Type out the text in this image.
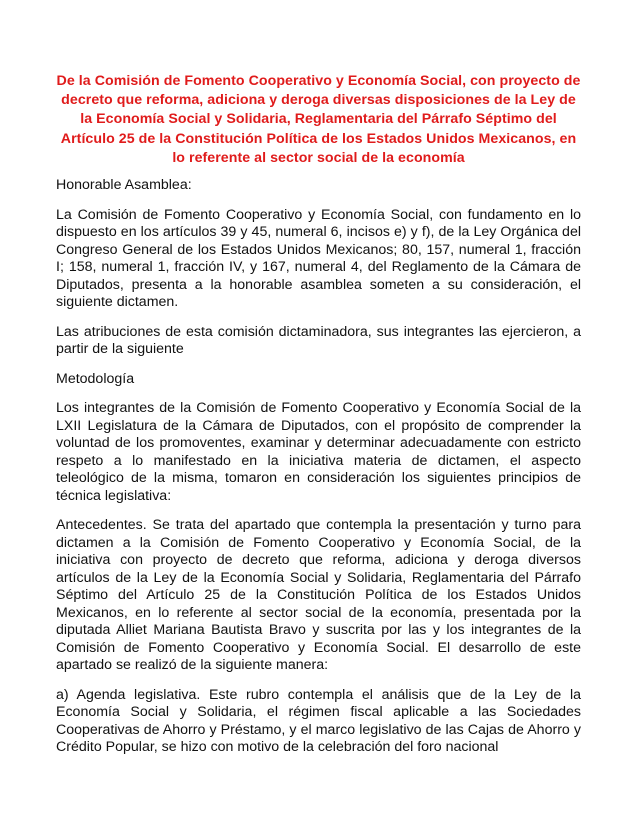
De la Comisión de Fomento Cooperativo y Economía Social, con proyecto de decreto que reforma, adiciona y deroga diversas disposiciones de la Ley de la Economía Social y Solidaria, Reglamentaria del Párrafo Séptimo del Artículo 25 de la Constitución Política de los Estados Unidos Mexicanos, en lo referente al sector social de la economía

Honorable Asamblea:

La Comisión de Fomento Cooperativo y Economía Social, con fundamento en lo dispuesto en los artículos 39 y 45, numeral 6, incisos e) y f), de la Ley Orgánica del Congreso General de los Estados Unidos Mexicanos; 80, 157, numeral 1, fracción I; 158, numeral 1, fracción IV, y 167, numeral 4, del Reglamento de la Cámara de Diputados, presenta a la honorable asamblea someten a su consideración, el siguiente dictamen.

Las atribuciones de esta comisión dictaminadora, sus integrantes las ejercieron, a partir de la siguiente

Metodología

Los integrantes de la Comisión de Fomento Cooperativo y Economía Social de la LXII Legislatura de la Cámara de Diputados, con el propósito de comprender la voluntad de los promoventes, examinar y determinar adecuadamente con estricto respeto a lo manifestado en la iniciativa materia de dictamen, el aspecto teleológico de la misma, tomaron en consideración los siguientes principios de técnica legislativa:

Antecedentes. Se trata del apartado que contempla la presentación y turno para dictamen a la Comisión de Fomento Cooperativo y Economía Social, de la iniciativa con proyecto de decreto que reforma, adiciona y deroga diversos artículos de la Ley de la Economía Social y Solidaria, Reglamentaria del Párrafo Séptimo del Artículo 25 de la Constitución Política de los Estados Unidos Mexicanos, en lo referente al sector social de la economía, presentada por la diputada Alliet Mariana Bautista Bravo y suscrita por las y los integrantes de la Comisión de Fomento Cooperativo y Economía Social. El desarrollo de este apartado se realizó de la siguiente manera:

a) Agenda legislativa. Este rubro contempla el análisis que de la Ley de la Economía Social y Solidaria, el régimen fiscal aplicable a las Sociedades Cooperativas de Ahorro y Préstamo, y el marco legislativo de las Cajas de Ahorro y Crédito Popular, se hizo con motivo de la celebración del foro nacional
